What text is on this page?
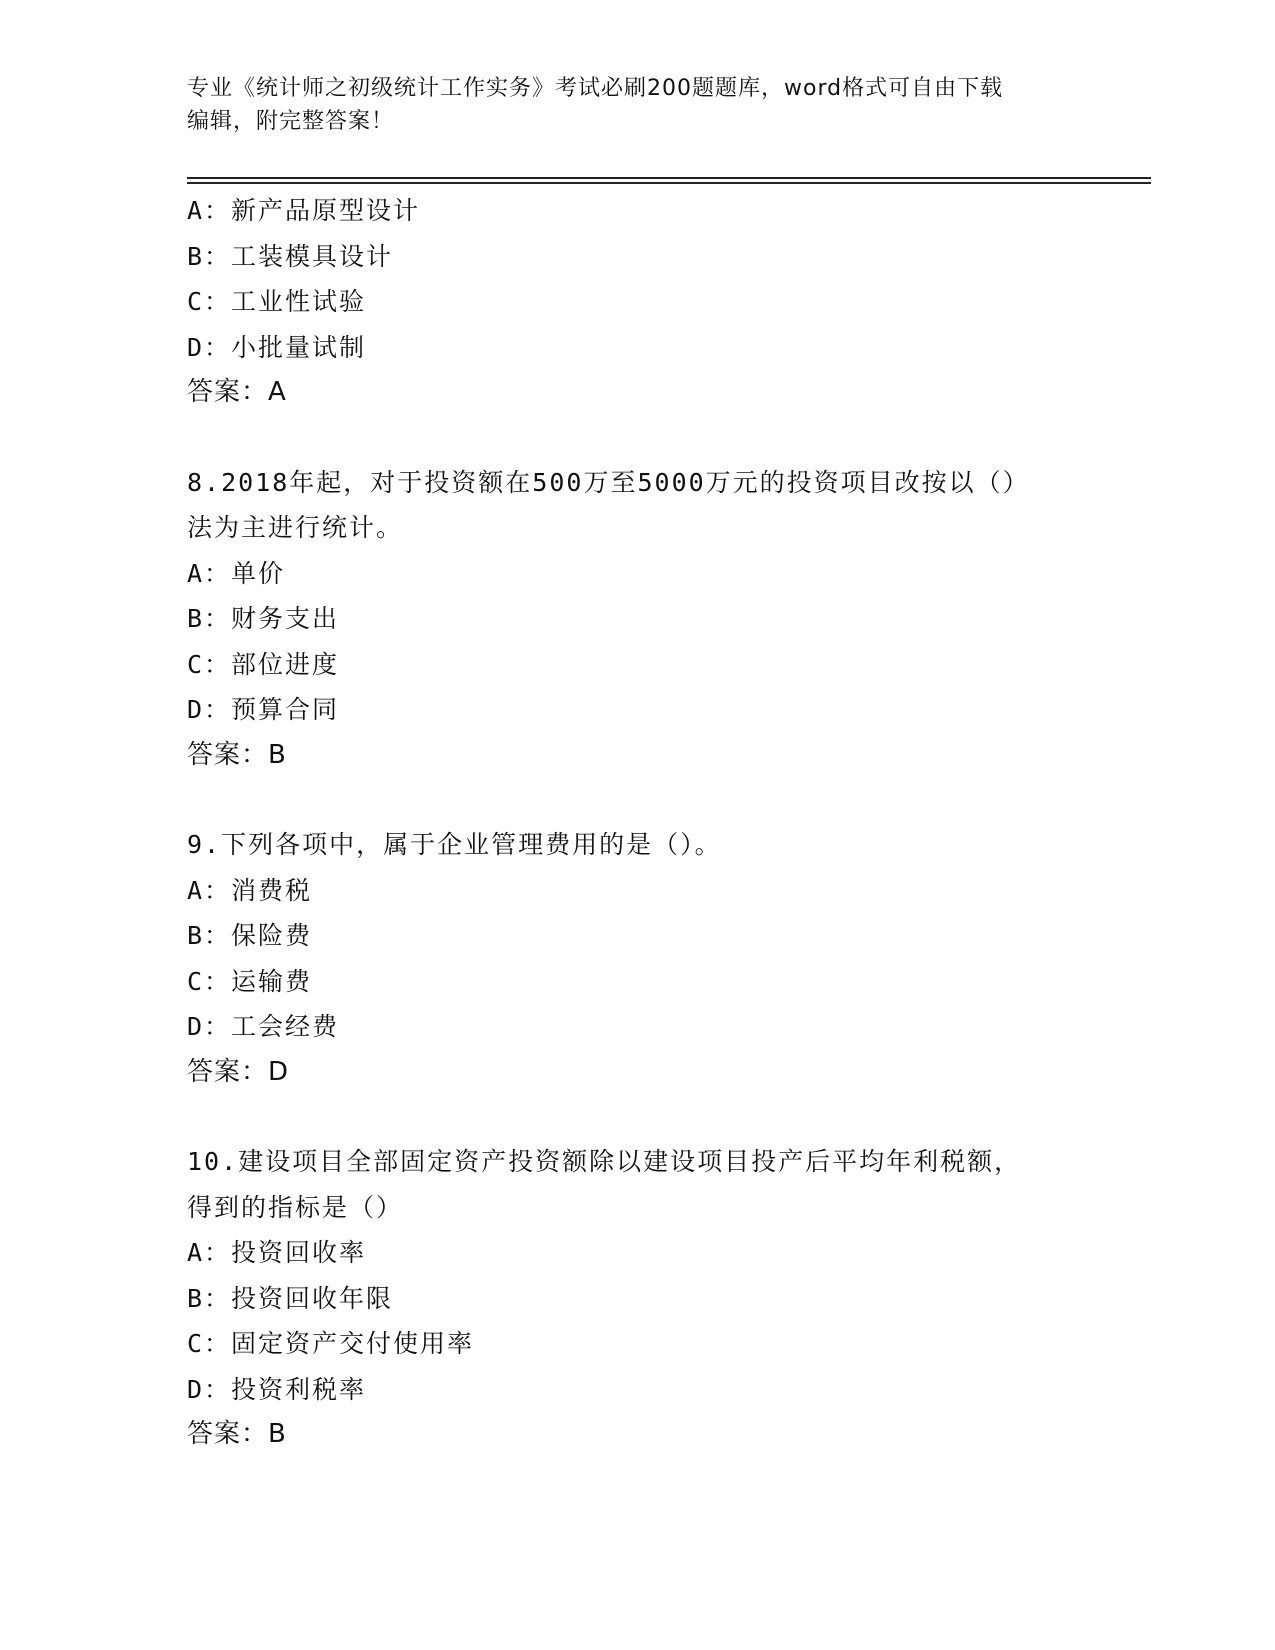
专业《统计师之初级统计工作实务》考试必刷200题题库，word格式可自由下载
编辑，附完整答案！
A：新产品原型设计
B：工装模具设计
C：工业性试验
D：小批量试制
答案：A
8.2018年起，对于投资额在500万至5000万元的投资项目改按以（）
法为主进行统计。
A：单价
B：财务支出
C：部位进度
D：预算合同
答案：B
9.下列各项中，属于企业管理费用的是（）。
A：消费税
B：保险费
C：运输费
D：工会经费
答案：D
10.建设项目全部固定资产投资额除以建设项目投产后平均年利税额，
得到的指标是（）
A：投资回收率
B：投资回收年限
C：固定资产交付使用率
D：投资利税率
答案：B
